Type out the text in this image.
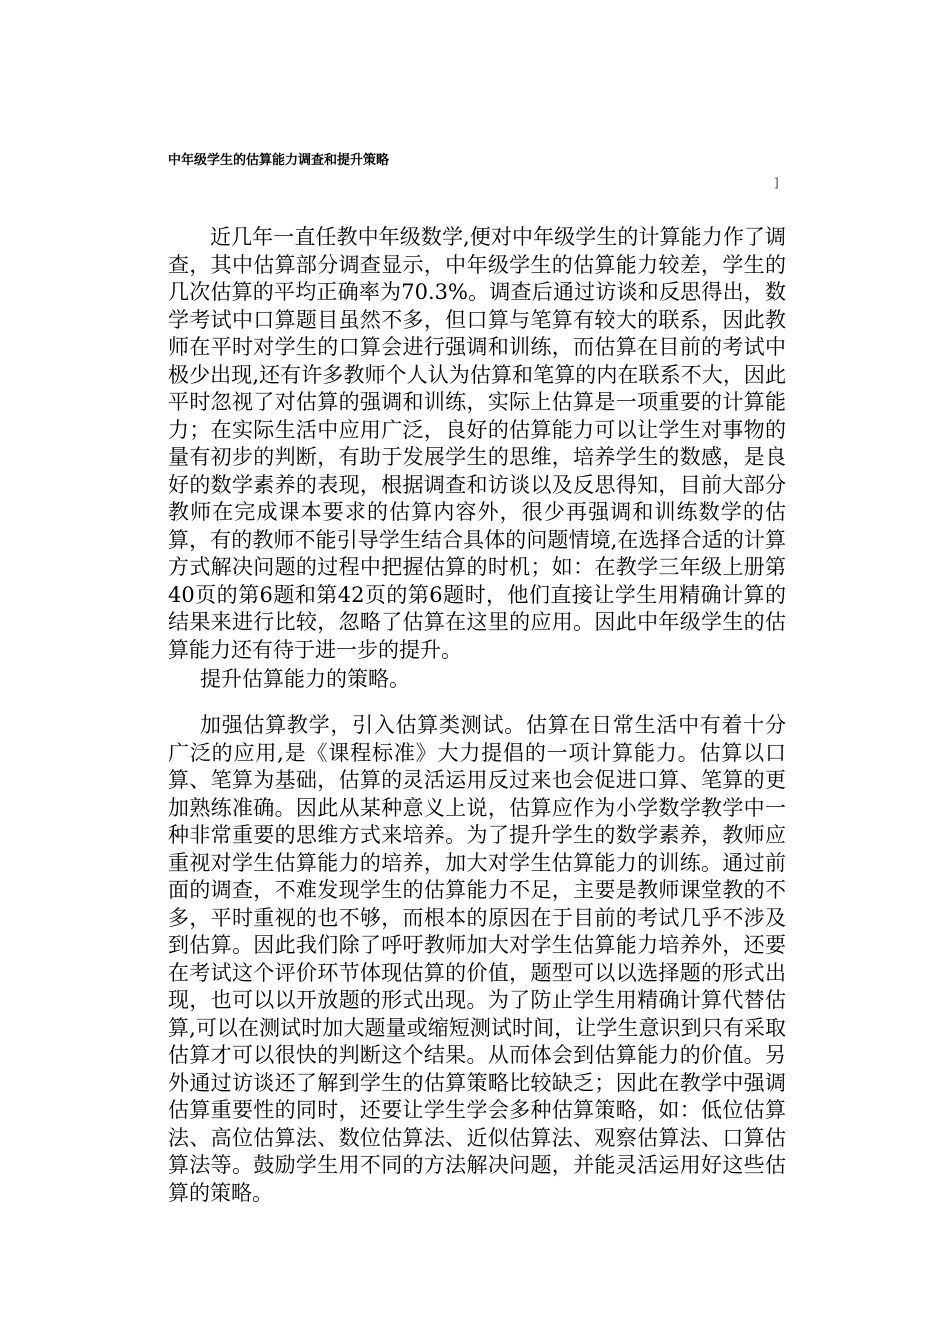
中年级学生的估算能力调查和提升策略
]

近几年一直任教中年级数学,便对中年级学生的计算能力作了调查，其中估算部分调查显示，中年级学生的估算能力较差，学生的几次估算的平均正确率为70.3%。调查后通过访谈和反思得出，数学考试中口算题目虽然不多，但口算与笔算有较大的联系，因此教师在平时对学生的口算会进行强调和训练，而估算在目前的考试中极少出现,还有许多教师个人认为估算和笔算的内在联系不大，因此平时忽视了对估算的强调和训练，实际上估算是一项重要的计算能力；在实际生活中应用广泛，良好的估算能力可以让学生对事物的量有初步的判断，有助于发展学生的思维，培养学生的数感，是良好的数学素养的表现，根据调查和访谈以及反思得知，目前大部分教师在完成课本要求的估算内容外，很少再强调和训练数学的估算，有的教师不能引导学生结合具体的问题情境,在选择合适的计算方式解决问题的过程中把握估算的时机；如：在教学三年级上册第40页的第6题和第42页的第6题时，他们直接让学生用精确计算的结果来进行比较，忽略了估算在这里的应用。因此中年级学生的估算能力还有待于进一步的提升。

提升估算能力的策略。

加强估算教学，引入估算类测试。估算在日常生活中有着十分广泛的应用,是《课程标准》大力提倡的一项计算能力。估算以口算、笔算为基础，估算的灵活运用反过来也会促进口算、笔算的更加熟练准确。因此从某种意义上说，估算应作为小学数学教学中一种非常重要的思维方式来培养。为了提升学生的数学素养，教师应重视对学生估算能力的培养，加大对学生估算能力的训练。通过前面的调查，不难发现学生的估算能力不足，主要是教师课堂教的不多，平时重视的也不够，而根本的原因在于目前的考试几乎不涉及到估算。因此我们除了呼吁教师加大对学生估算能力培养外，还要在考试这个评价环节体现估算的价值，题型可以以选择题的形式出现，也可以以开放题的形式出现。为了防止学生用精确计算代替估算,可以在测试时加大题量或缩短测试时间，让学生意识到只有采取估算才可以很快的判断这个结果。从而体会到估算能力的价值。另外通过访谈还了解到学生的估算策略比较缺乏；因此在教学中强调估算重要性的同时，还要让学生学会多种估算策略，如：低位估算法、高位估算法、数位估算法、近似估算法、观察估算法、口算估算法等。鼓励学生用不同的方法解决问题，并能灵活运用好这些估算的策略。
